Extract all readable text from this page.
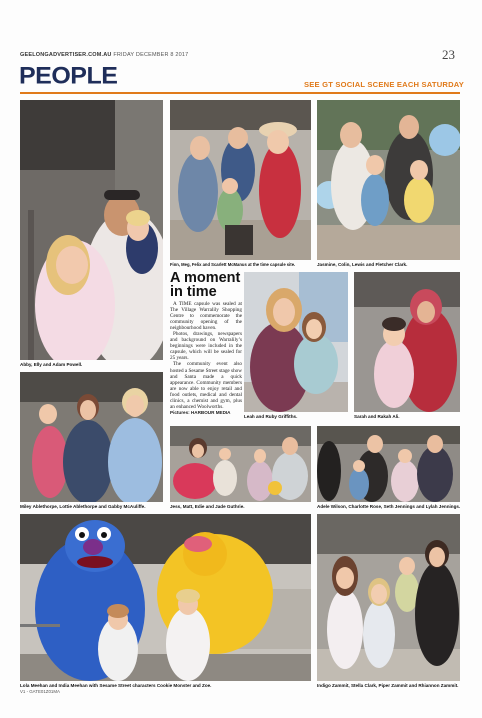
GEELONGADVERTISER.COM.AU FRIDAY DECEMBER 8 2017	23
PEOPLE	SEE GT SOCIAL SCENE EACH SATURDAY
Abby, Elly and Adam Powell.
Finn, Meg, Felix and Scarlett McManus at the time capsule site.	Jasmine, Colin, Lewis and Fletcher Clark.
A moment in time

A TIME capsule was sealed at The Village Warralily Shopping Centre to commemorate the community opening of the neighbourhood haven.

Photos, drawings, newspapers and background on Warralily’s beginnings were included in the capsule, which will be sealed for 25 years.

The community event also hosted a Sesame Street stage show and Santa made a quick appearance. Community members are now able to enjoy retail and food outlets, medical and dental clinics, a chemist and gym, plus an enhanced Woolworths.

Pictures: HARBOUR MEDIA

Leah and Ruby Griffiths.	Sarah and Rakah Ali.
Miley Ablethorpe, Lottie Ablethorpe and Gabby McAuliffe.	Jess, Matt, Edie and Jade Guthrie.	Adele Wilson, Charlotte Rose, Seth Jennings and Lylah Jennings.
Lola Meehan and India Meehan with Sesame Street characters Cookie Monster and Zoe.	Indigo Zammit, Stella Clark, Piper Zammit and Rhiannon Zammit.
V1 - GATE01Z01MA
